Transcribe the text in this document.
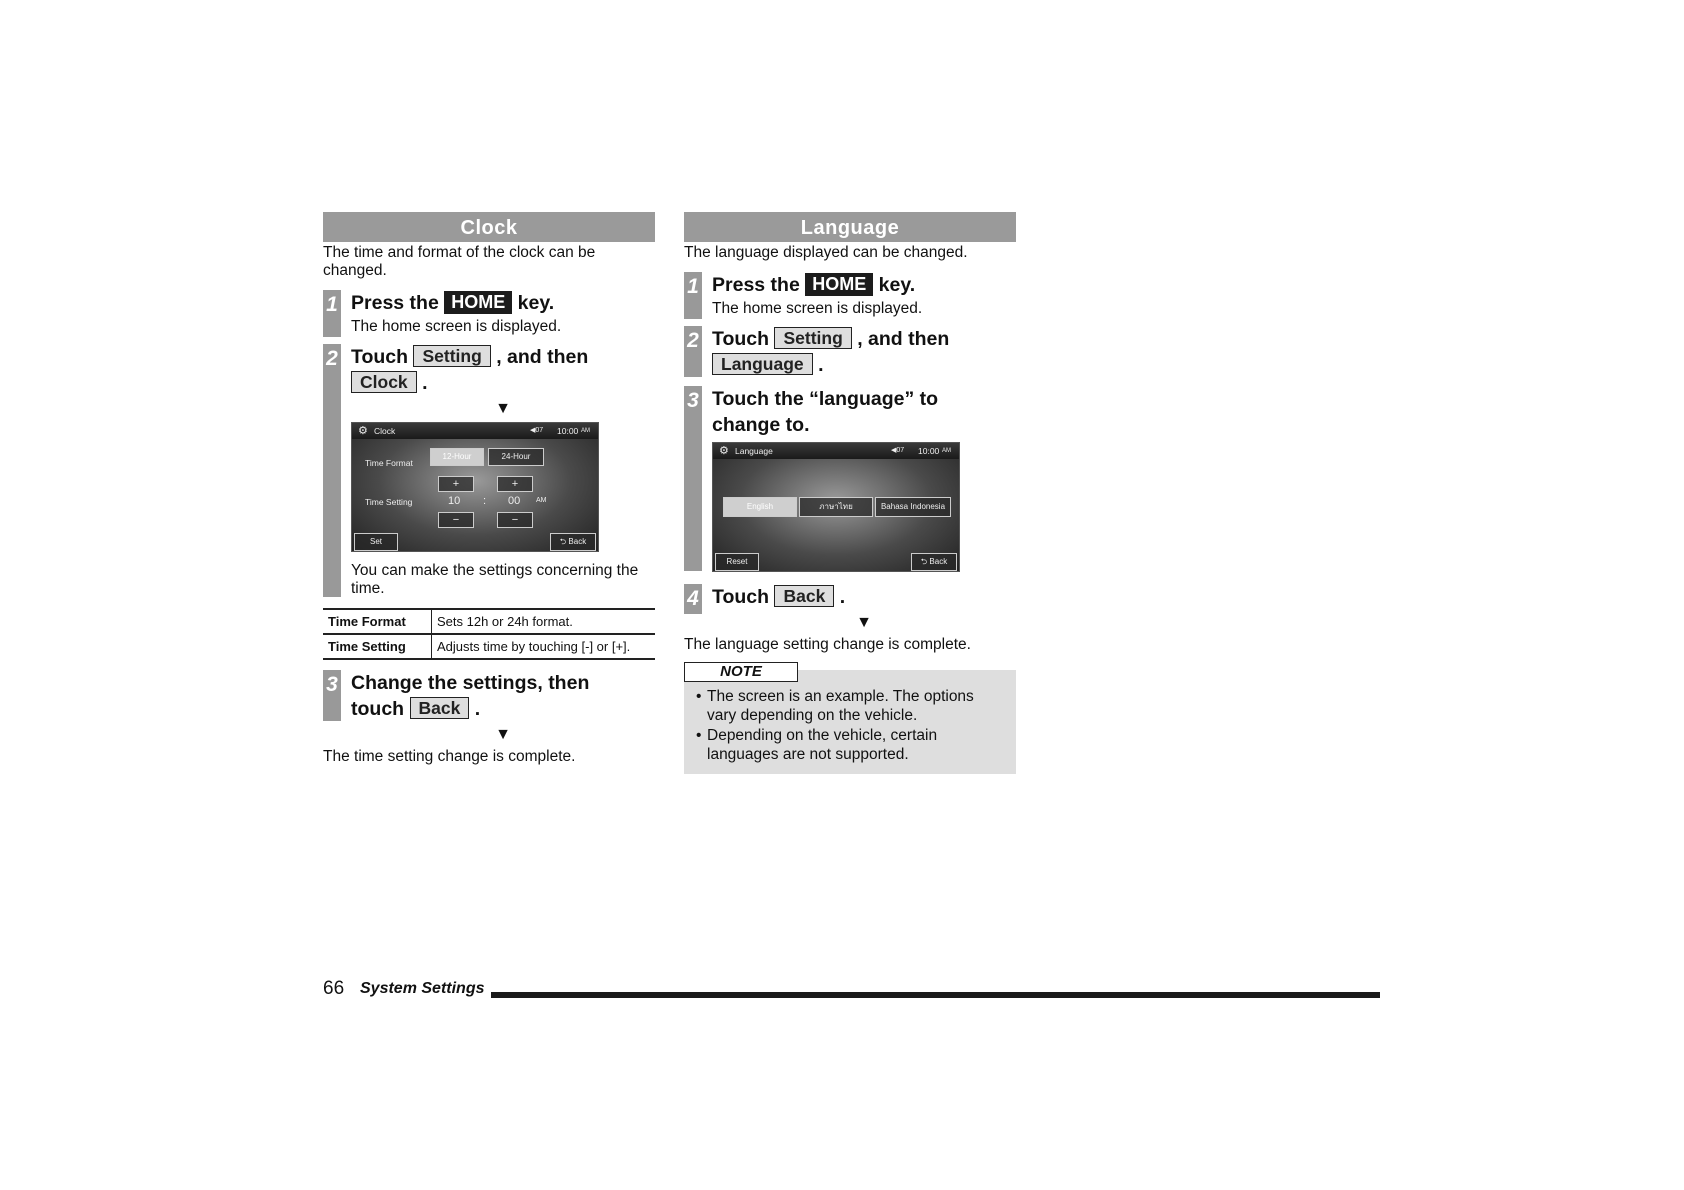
Clock
The time and format of the clock can be changed.
1 Press the HOME key.
The home screen is displayed.
2 Touch Setting , and then
Clock .
▼
⚙ Clock	◀07 10:00 AM
Time Format
12-Hour	24-Hour
Time Setting
+	+
10 : 00 AM
−	−
Set	⮌ Back
You can make the settings concerning the time.
Time Format	Sets 12h or 24h format.
Time Setting	Adjusts time by touching [-] or [+].
3 Change the settings, then
touch Back .
▼
The time setting change is complete.
Language
The language displayed can be changed.
1 Press the HOME key.
The home screen is displayed.
2 Touch Setting , and then
Language .
3 Touch the “language” to change to.
⚙ Language	◀07 10:00 AM
English	ภาษาไทย	Bahasa Indonesia
Reset	⮌ Back
4 Touch Back .
▼
The language setting change is complete.
NOTE
• The screen is an example. The options vary depending on the vehicle.
• Depending on the vehicle, certain languages are not supported.
66 System Settings
